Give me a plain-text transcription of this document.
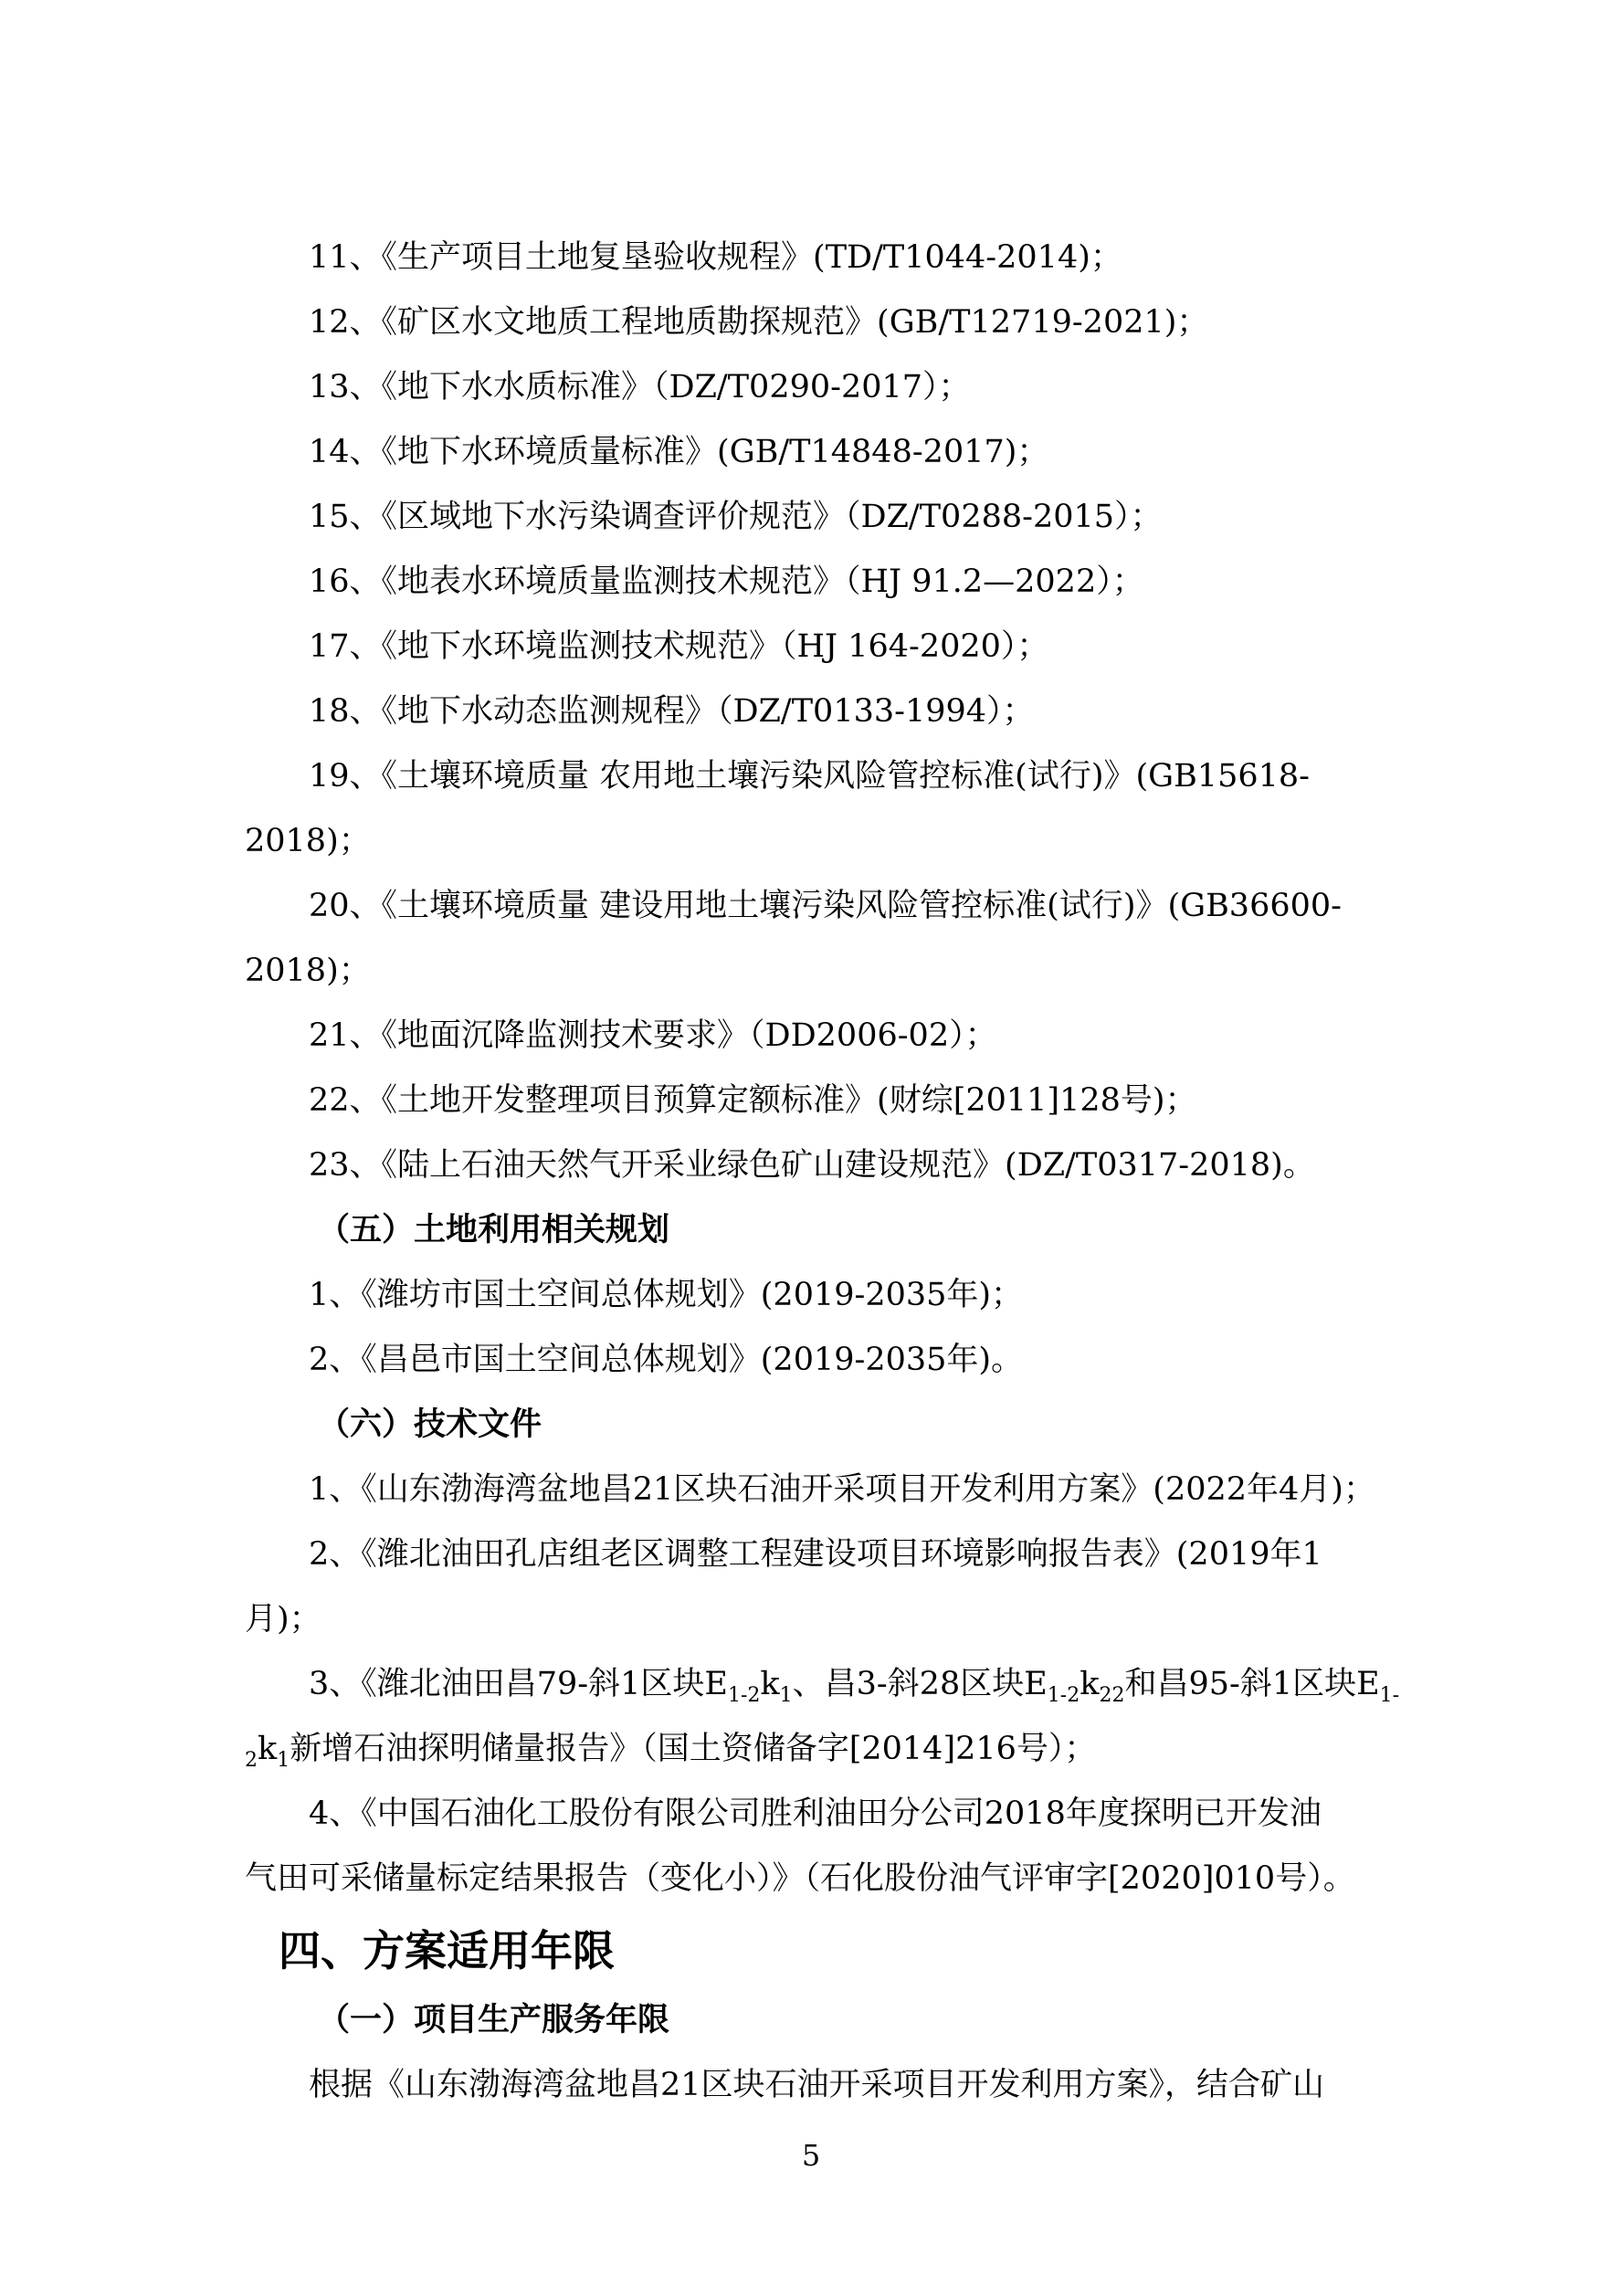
11、《生产项目土地复垦验收规程》(TD/T1044-2014)；
12、《矿区水文地质工程地质勘探规范》(GB/T12719-2021)；
13、《地下水水质标准》（DZ/T0290-2017）；
14、《地下水环境质量标准》(GB/T14848-2017)；
15、《区域地下水污染调查评价规范》（DZ/T0288-2015）；
16、《地表水环境质量监测技术规范》（HJ 91.2—2022）；
17、《地下水环境监测技术规范》（HJ 164-2020）；
18、《地下水动态监测规程》（DZ/T0133-1994）；
19、《土壤环境质量 农用地土壤污染风险管控标准(试行)》(GB15618-
2018)；
20、《土壤环境质量 建设用地土壤污染风险管控标准(试行)》(GB36600-
2018)；
21、《地面沉降监测技术要求》（DD2006-02）；
22、《土地开发整理项目预算定额标准》(财综[2011]128号)；
23、《陆上石油天然气开采业绿色矿山建设规范》(DZ/T0317-2018)。
（五）土地利用相关规划
1、《潍坊市国土空间总体规划》(2019-2035年)；
2、《昌邑市国土空间总体规划》(2019-2035年)。
（六）技术文件
1、《山东渤海湾盆地昌21区块石油开采项目开发利用方案》(2022年4月)；
2、《潍北油田孔店组老区调整工程建设项目环境影响报告表》(2019年1
月)；
3、《潍北油田昌79-斜1区块$E_{1-2}k_1$、昌3-斜28区块$E_{1-2}k_{22}$和昌95-斜1区块$E_{1-}$
$_2k_1$新增石油探明储量报告》（国土资储备字[2014]216号）；
4、《中国石油化工股份有限公司胜利油田分公司2018年度探明已开发油
气田可采储量标定结果报告（变化小）》（石化股份油气评审字[2020]010号）。
四、方案适用年限
（一）项目生产服务年限
根据《山东渤海湾盆地昌21区块石油开采项目开发利用方案》，结合矿山
5
